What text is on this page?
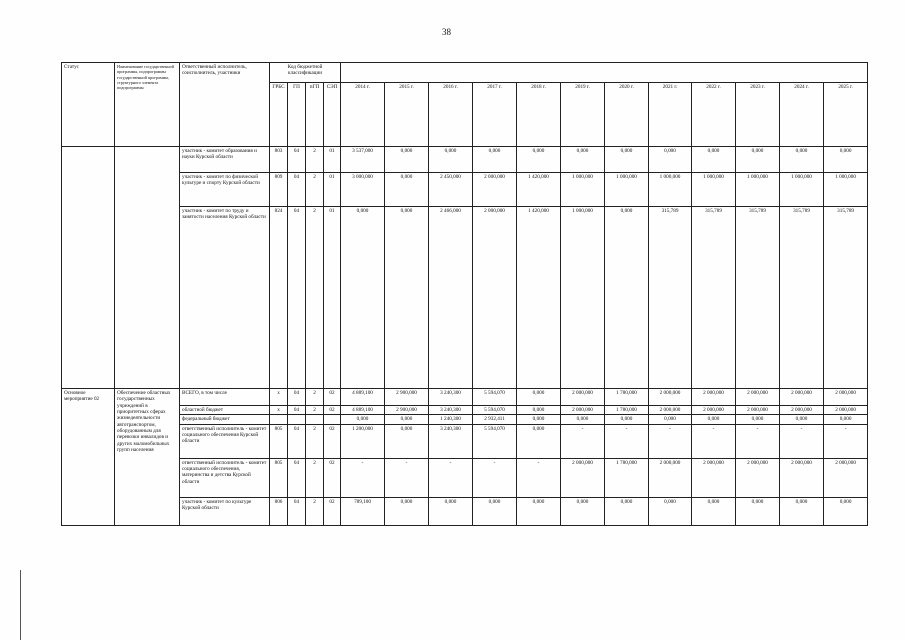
38
Статус	Наименование государственной программы, подпрограммы государственной программы, структурного элемента подпрограммы	Ответственный исполнитель, соисполнитель, участники	Код бюджетной классификации															
			ГРБС	ГП	пГП	СЭП	2014 г.	2015 г.	2016 г.	2017 г.	2018 г.	2019 г.	2020 г.	2021 г.	2022 г.	2023 г.	2024 г.	2025 г.
		участник - комитет образования и науки Курской области	803	04	2	01	3 537,000	0,000	0,000	0,000	0,000	0,000	0,000	0,000	0,000	0,000	0,000	0,000
		участник - комитет по физической культуре и спорту Курской области	809	04	2	01	3 000,000	0,000	2 450,000	2 000,000	1 420,000	1 000,000	1 000,000	1 000,000	1 000,000	1 000,000	1 000,000	1 000,000
		участник - комитет по труду и занятости населения Курской области	824	04	2	01	0,000	0,000	2 466,000	2 000,000	1 420,000	1 000,000	0,000	315,789	315,789	315,789	315,789	315,789
Основное мероприятие 02	Обеспечение областных государственных учреждений в приоритетных сферах жизнедеятельности автотранспортом, оборудованным для перевозки инвалидов и других маломобильных групп населения	ВСЕГО, в том числе	х	04	2	02	4 889,100	2 900,000	3 240,300	5 594,070	0,000	2 000,000	1 780,000	2 000,000	2 000,000	2 000,000	2 000,000	2 000,000
		областной бюджет	х	04	2	02	4 889,100	2 900,000	3 240,300	5 594,070	0,000	2 000,000	1 780,000	2 000,000	2 000,000	2 000,000	2 000,000	2 000,000
		федеральный бюджет					0,000	0,000	1 240,300	2 932,411	0,000	0,000	0,000	0,000	0,000	0,000	0,000	0,000
		ответственный исполнитель - комитет социального обеспечения Курской области	805	04	2	02	1 200,000	0,000	3 240,300	5 594,070	0,000	-	-	-	-	-	-	-
		ответственный исполнитель - комитет социального обеспечения, материнства и детства Курской области	805	04	2	02	-	-	-	-	-	2 000,000	1 780,000	2 000,000	2 000,000	2 000,000	2 000,000	2 000,000
		участник - комитет по культуре Курской области	806	04	2	02	789,100	0,000	0,000	0,000	0,000	0,000	0,000	0,000	0,000	0,000	0,000	0,000
